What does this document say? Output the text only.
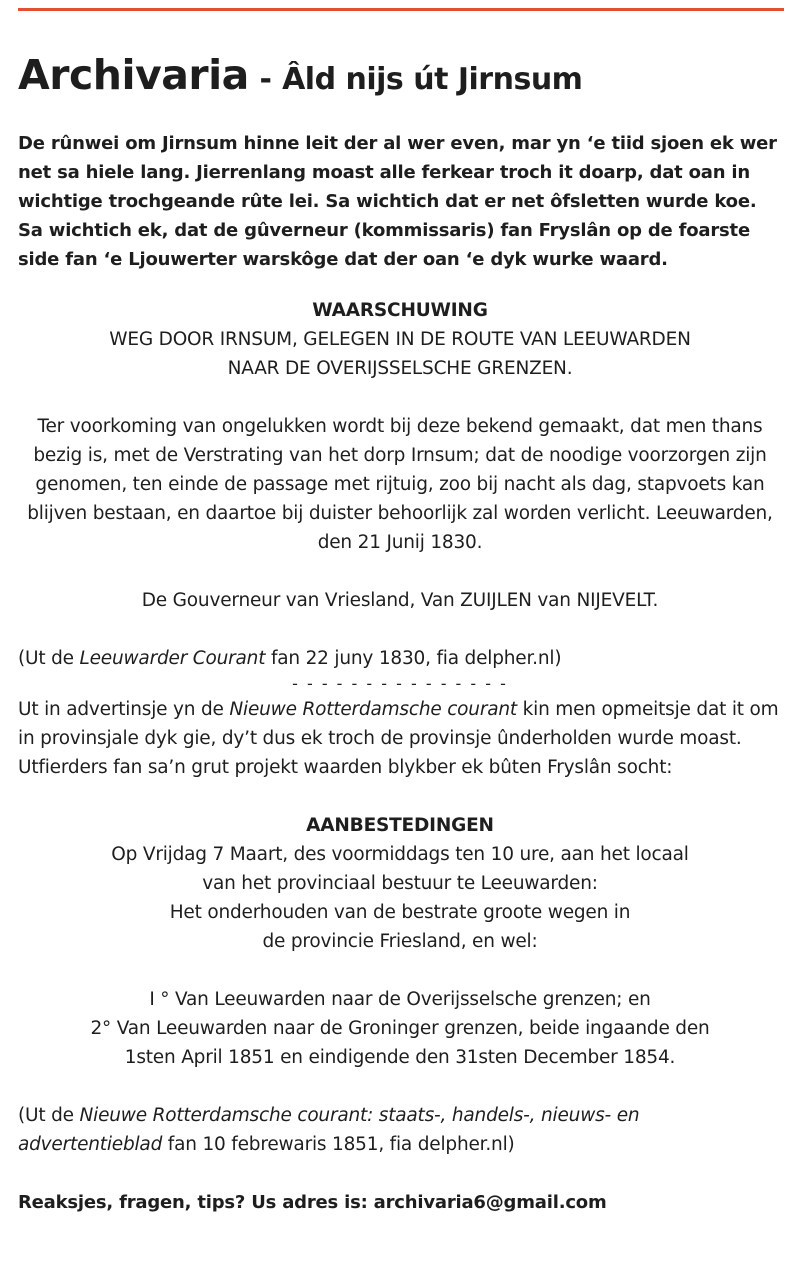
Archivaria - Âld nijs út Jirnsum

De rûnwei om Jirnsum hinne leit der al wer even, mar yn ‘e tiid sjoen ek wer net sa hiele lang. Jierrenlang moast alle ferkear troch it doarp, dat oan in wichtige trochgeande rûte lei. Sa wichtich dat er net ôfsletten wurde koe. Sa wichtich ek, dat de gûverneur (kommissaris) fan Fryslân op de foarste side fan ‘e Ljouwerter warskôge dat der oan ‘e dyk wurke waard.

WAARSCHUWING
WEG DOOR IRNSUM, GELEGEN IN DE ROUTE VAN LEEUWARDEN
NAAR DE OVERIJSSELSCHE GRENZEN.
Ter voorkoming van ongelukken wordt bij deze bekend gemaakt, dat men thans bezig is, met de Verstrating van het dorp Irnsum; dat de noodige voorzorgen zijn genomen, ten einde de passage met rijtuig, zoo bij nacht als dag, stapvoets kan blijven bestaan, en daartoe bij duister behoorlijk zal worden verlicht. Leeuwarden, den 21 Junij 1830.
De Gouverneur van Vriesland, Van ZUIJLEN van NIJEVELT.

(Ut de Leeuwarder Courant fan 22 juny 1830, fia delpher.nl)

- - - - - - - - - - - - - - -

Ut in advertinsje yn de Nieuwe Rotterdamsche courant kin men opmeitsje dat it om in provinsjale dyk gie, dy’t dus ek troch de provinsje ûnderholden wurde moast. Utfierders fan sa’n grut projekt waarden blykber ek bûten Fryslân socht:

AANBESTEDINGEN
Op Vrijdag 7 Maart, des voormiddags ten 10 ure, aan het locaal
van het provinciaal bestuur te Leeuwarden:
Het onderhouden van de bestrate groote wegen in
de provincie Friesland, en wel:
I ° Van Leeuwarden naar de Overijsselsche grenzen; en
2° Van Leeuwarden naar de Groninger grenzen, beide ingaande den
1sten April 1851 en eindigende den 31sten December 1854.

(Ut de Nieuwe Rotterdamsche courant: staats-, handels-, nieuws- en advertentieblad fan 10 febrewaris 1851, fia delpher.nl)

Reaksjes, fragen, tips? Us adres is: archivaria6@gmail.com
